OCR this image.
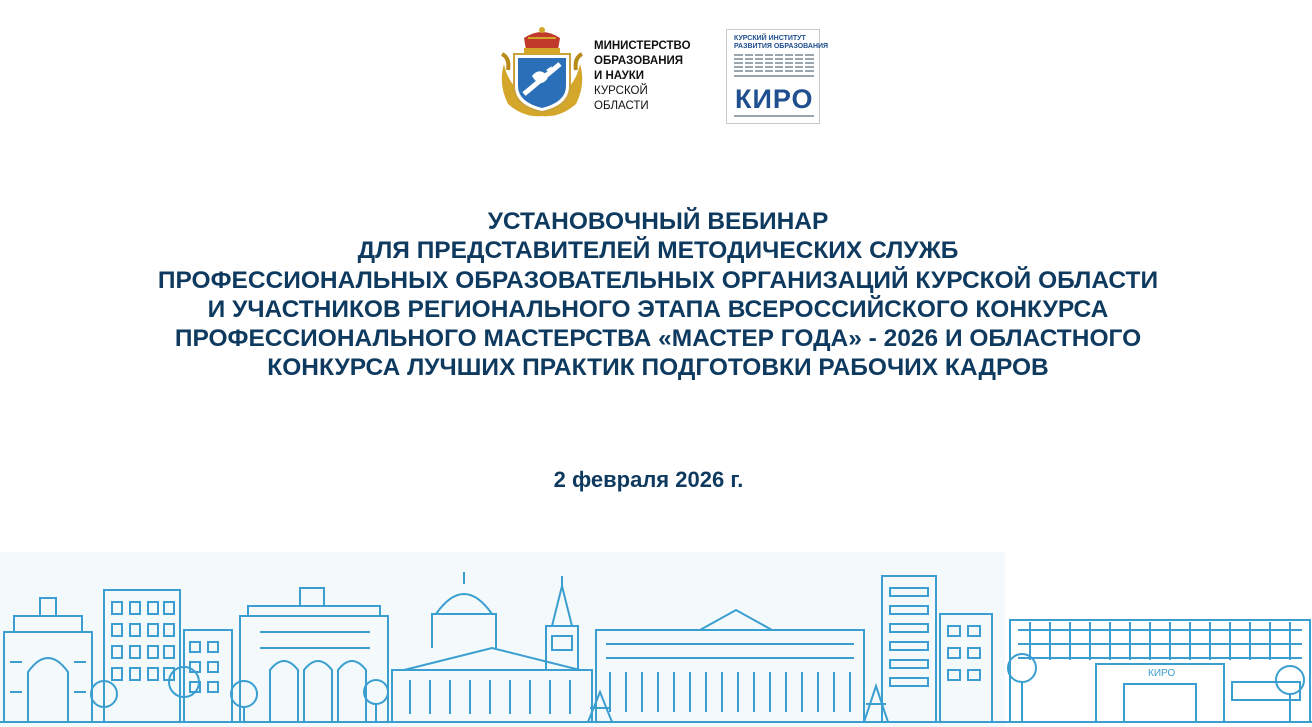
МИНИСТЕРСТВО
ОБРАЗОВАНИЯ
И НАУКИ
КУРСКОЙ
ОБЛАСТИ
КУРСКИЙ ИНСТИТУТ
РАЗВИТИЯ ОБРАЗОВАНИЯ
КИРО
УСТАНОВОЧНЫЙ ВЕБИНАР
ДЛЯ ПРЕДСТАВИТЕЛЕЙ МЕТОДИЧЕСКИХ СЛУЖБ
ПРОФЕССИОНАЛЬНЫХ ОБРАЗОВАТЕЛЬНЫХ ОРГАНИЗАЦИЙ КУРСКОЙ ОБЛАСТИ
И УЧАСТНИКОВ РЕГИОНАЛЬНОГО ЭТАПА ВСЕРОССИЙСКОГО КОНКУРСА
ПРОФЕССИОНАЛЬНОГО МАСТЕРСТВА «МАСТЕР ГОДА» - 2026 И ОБЛАСТНОГО
КОНКУРСА ЛУЧШИХ ПРАКТИК ПОДГОТОВКИ РАБОЧИХ КАДРОВ
2 февраля 2026 г.
КИРО
